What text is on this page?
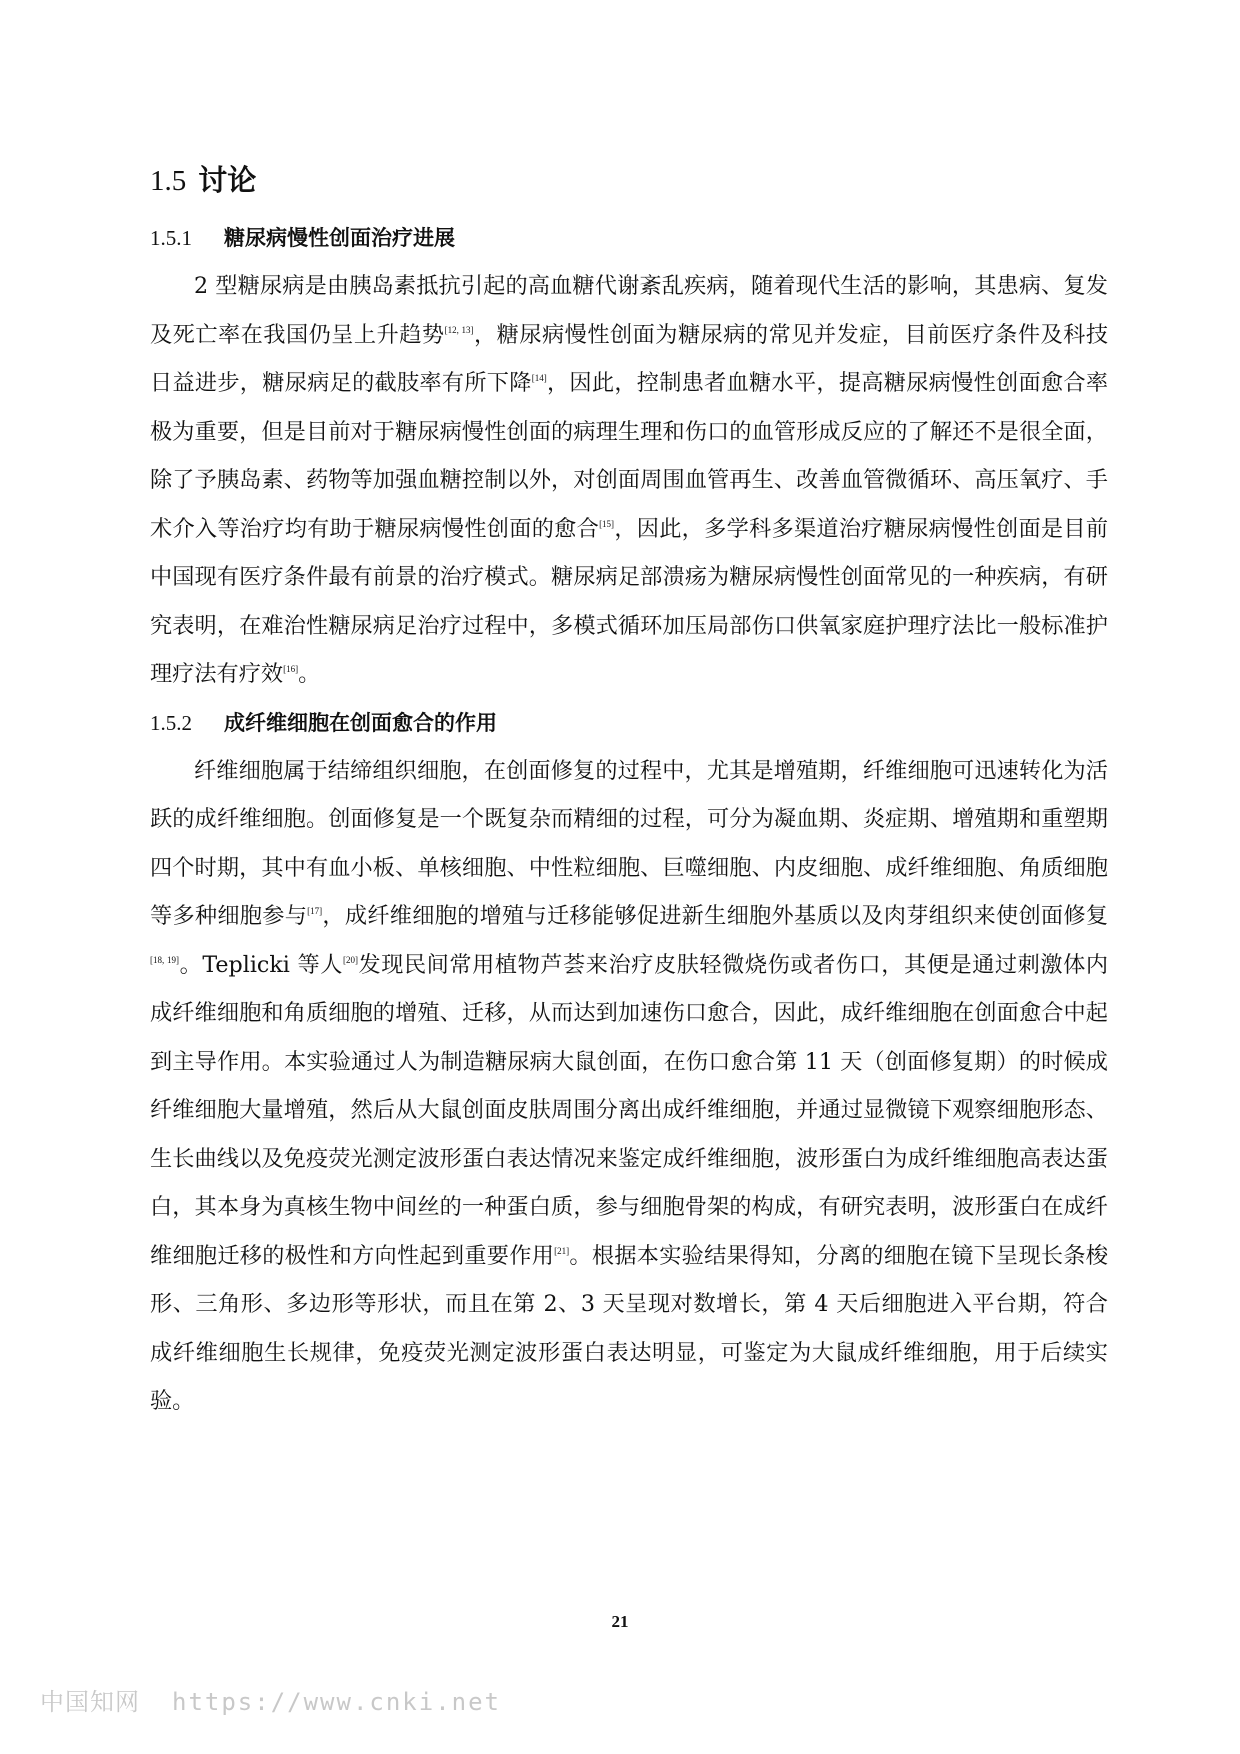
1.5 讨论
1.5.1 糖尿病慢性创面治疗进展

2 型糖尿病是由胰岛素抵抗引起的高血糖代谢紊乱疾病，随着现代生活的影响，其患病、复发及死亡率在我国仍呈上升趋势[12, 13]，糖尿病慢性创面为糖尿病的常见并发症，目前医疗条件及科技日益进步，糖尿病足的截肢率有所下降[14]，因此，控制患者血糖水平，提高糖尿病慢性创面愈合率极为重要，但是目前对于糖尿病慢性创面的病理生理和伤口的血管形成反应的了解还不是很全面，除了予胰岛素、药物等加强血糖控制以外，对创面周围血管再生、改善血管微循环、高压氧疗、手术介入等治疗均有助于糖尿病慢性创面的愈合[15]，因此，多学科多渠道治疗糖尿病慢性创面是目前中国现有医疗条件最有前景的治疗模式。糖尿病足部溃疡为糖尿病慢性创面常见的一种疾病，有研究表明，在难治性糖尿病足治疗过程中，多模式循环加压局部伤口供氧家庭护理疗法比一般标准护理疗法有疗效[16]。

1.5.2 成纤维细胞在创面愈合的作用

纤维细胞属于结缔组织细胞，在创面修复的过程中，尤其是增殖期，纤维细胞可迅速转化为活跃的成纤维细胞。创面修复是一个既复杂而精细的过程，可分为凝血期、炎症期、增殖期和重塑期四个时期，其中有血小板、单核细胞、中性粒细胞、巨噬细胞、内皮细胞、成纤维细胞、角质细胞等多种细胞参与[17]，成纤维细胞的增殖与迁移能够促进新生细胞外基质以及肉芽组织来使创面修复[18, 19]。Teplicki 等人[20]发现民间常用植物芦荟来治疗皮肤轻微烧伤或者伤口，其便是通过刺激体内成纤维细胞和角质细胞的增殖、迁移，从而达到加速伤口愈合，因此，成纤维细胞在创面愈合中起到主导作用。本实验通过人为制造糖尿病大鼠创面，在伤口愈合第 11 天（创面修复期）的时候成纤维细胞大量增殖，然后从大鼠创面皮肤周围分离出成纤维细胞，并通过显微镜下观察细胞形态、生长曲线以及免疫荧光测定波形蛋白表达情况来鉴定成纤维细胞，波形蛋白为成纤维细胞高表达蛋白，其本身为真核生物中间丝的一种蛋白质，参与细胞骨架的构成，有研究表明，波形蛋白在成纤维细胞迁移的极性和方向性起到重要作用[21]。根据本实验结果得知，分离的细胞在镜下呈现长条梭形、三角形、多边形等形状，而且在第 2、3 天呈现对数增长，第 4 天后细胞进入平台期，符合成纤维细胞生长规律，免疫荧光测定波形蛋白表达明显，可鉴定为大鼠成纤维细胞，用于后续实验。

21
中国知网 https://www.cnki.net
